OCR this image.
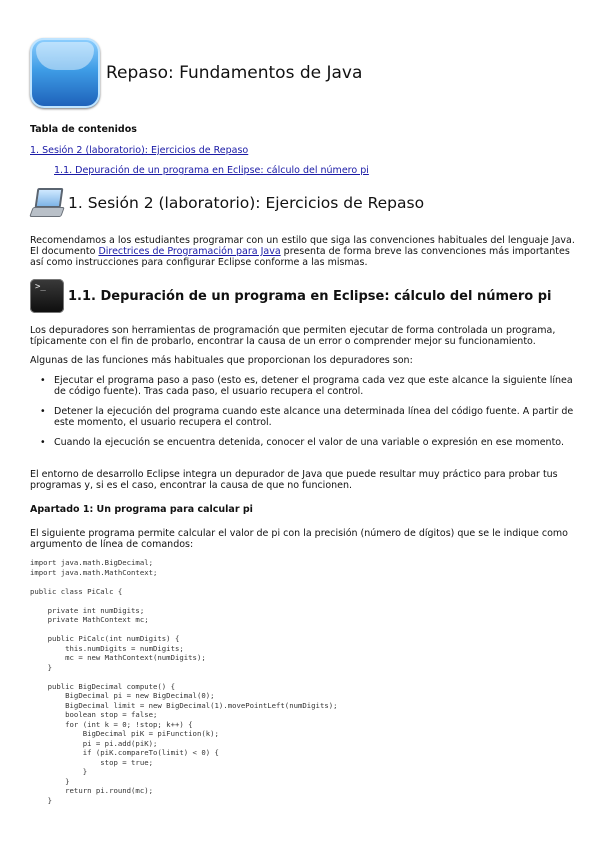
Repaso: Fundamentos de Java
Tabla de contenidos
1. Sesión 2 (laboratorio): Ejercicios de Repaso
1.1. Depuración de un programa en Eclipse: cálculo del número pi
1. Sesión 2 (laboratorio): Ejercicios de Repaso
Recomendamos a los estudiantes programar con un estilo que siga las convenciones habituales del lenguaje Java. El documento Directrices de Programación para Java presenta de forma breve las convenciones más importantes así como instrucciones para configurar Eclipse conforme a las mismas.
>_
1.1. Depuración de un programa en Eclipse: cálculo del número pi
Los depuradores son herramientas de programación que permiten ejecutar de forma controlada un programa, típicamente con el fin de probarlo, encontrar la causa de un error o comprender mejor su funcionamiento.
Algunas de las funciones más habituales que proporcionan los depuradores son:
• Ejecutar el programa paso a paso (esto es, detener el programa cada vez que este alcance la siguiente línea de código fuente). Tras cada paso, el usuario recupera el control.
• Detener la ejecución del programa cuando este alcance una determinada línea del código fuente. A partir de este momento, el usuario recupera el control.
• Cuando la ejecución se encuentra detenida, conocer el valor de una variable o expresión en ese momento.
El entorno de desarrollo Eclipse integra un depurador de Java que puede resultar muy práctico para probar tus programas y, si es el caso, encontrar la causa de que no funcionen.
Apartado 1: Un programa para calcular pi
El siguiente programa permite calcular el valor de pi con la precisión (número de dígitos) que se le indique como argumento de línea de comandos:
import java.math.BigDecimal;
import java.math.MathContext;

public class PiCalc {

private int numDigits;
private MathContext mc;

public PiCalc(int numDigits) {
this.numDigits = numDigits;
mc = new MathContext(numDigits);
}

public BigDecimal compute() {
BigDecimal pi = new BigDecimal(0);
BigDecimal limit = new BigDecimal(1).movePointLeft(numDigits);
boolean stop = false;
for (int k = 0; !stop; k++) {
BigDecimal piK = piFunction(k);
pi = pi.add(piK);
if (piK.compareTo(limit) < 0) {
stop = true;
}
}
return pi.round(mc);
}
